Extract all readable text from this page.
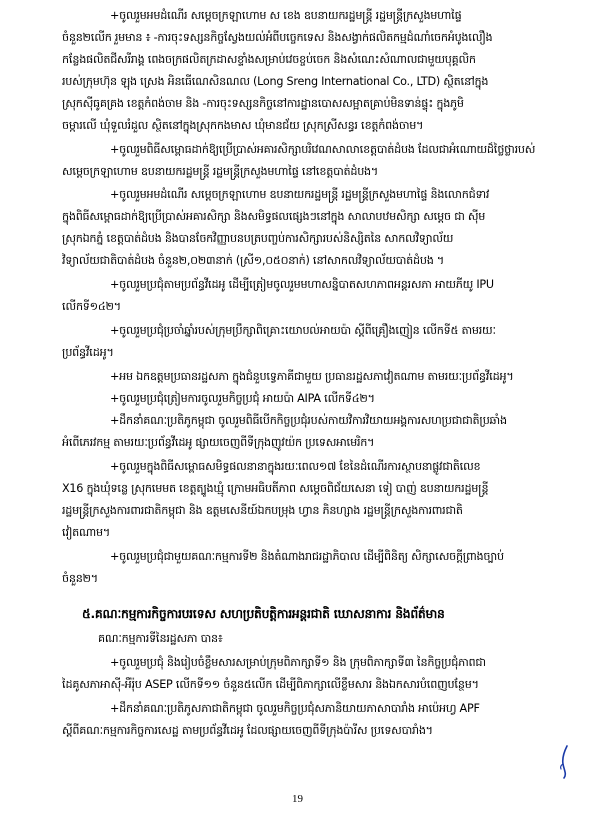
+ចូលរួមអមដំណើរ សម្តេចក្រឡាហោម ស ខេង ឧបនាយករដ្ឋមន្រ្តី រដ្ឋមន្រ្តីក្រសួងមហាផ្ទៃ
ចំនួន២លើក រួមមាន ៖ -ការចុះទស្សនកិច្ចស្វែងយល់អំពីបច្ចេកទេស និងសង្វាក់ផលិតកម្មដំណាំចេកអំបូងលឿង
កន្លែងផលិតជីសរីរាង្គ ពេងចក្រផលិតក្រដាសខ្ទាំងសម្រាប់វេចខ្ចប់ចេក និងសំណេះសំណាលជាមួយបុគ្គលិក
របស់ក្រុមហ៊ុន ឡុង ស្រេង អិនធើណេសិនណល (Long Sreng International Co., LTD) ស្ថិតនៅក្នុង
ស្រុកស៊ីធូគគ្រង ខេត្តកំពង់ចាម និង -ការចុះទស្សនកិច្ចនៅការដ្ឋានបោសសម្អាតគ្រាប់មិនទាន់ផ្ទុះ ក្នុងភូមិ
ចម្ការលើ ឃុំទួលរំដួល ស្ថិតនៅក្នុងស្រុកកងមាស ឃុំមានជ័យ ស្រុកស្រីសន្ធរ ខេត្តកំពង់ចាម។
+ចូលរួមពិធីសម្ពោធដាក់ឱ្យប្រើប្រាស់អគារសិក្សាបរិវេណសាលាខេត្តបាត់ដំបង ដែលជាអំណោយដ៏ថ្លៃថ្លារបស់
សម្តេចក្រឡាហោម ឧបនាយករដ្ឋមន្រ្តី រដ្ឋមន្រ្តីក្រសួងមហាផ្ទៃ នៅខេត្តបាត់ដំបង។
+ចូលរួមអមដំណើរ សម្តេចក្រឡាហោម ឧបនាយករដ្ឋមន្រ្តី រដ្ឋមន្រ្តីក្រសួងមហាផ្ទៃ និងលោកជំទាវ
ក្នុងពិធីសម្ពោធដាក់ឱ្យប្រើប្រាស់អគារសិក្សា និងសមិទ្ធផលផ្សេងៗនៅក្នុង សាលាបឋមសិក្សា សម្តេច ជា ស៊ីម
ស្រុកឯកភ្នំ ខេត្តបាត់ដំបង និងបានចែកវិញ្ញាបនបត្របញ្ចប់ការសិក្សារបស់និស្សិតនៃ សាកលវិទ្យាល័យ
វិទ្យាល័យជាតិបាត់ដំបង ចំនួន២,០២៣នាក់ (ស្រី១,០៥០នាក់) នៅសាកលវិទ្យាល័យបាត់ដំបង ។
+ចូលរួមប្រជុំតាមប្រព័ន្ធវីដេអូ ដើម្បីត្រៀមចូលរួមមហាសន្និបាតសហភាពអន្តរសភា អាយភីយូ IPU
លើកទី១៤២។
+ចូលរួមប្រជុំប្រចាំឆ្នាំរបស់ក្រុមប្រឹក្សាពិគ្រោះយោបល់អាយប៉ា ស្តីពីគ្រឿងញៀន លើកទី៥ តាមរយៈ
ប្រព័ន្ធវីដេអូ។
+អម ឯកឧត្តមប្រធានរដ្ឋសភា ក្នុងជំនួបទ្វេភាគីជាមួយ ប្រធានរដ្ឋសភាវៀតណាម តាមរយៈប្រព័ន្ធវីដេអូ។
+ចូលរួមប្រជុំត្រៀមការចូលរួមកិច្ចប្រជុំ អាយប៉ា AIPA លើកទី៤២។
+ដឹកនាំគណៈប្រតិភូកម្ពុជា ចូលរួមពិធីបើកកិច្ចប្រជុំរបស់កាយវិការវិយាយអង្គការសហប្រជាជាតិប្រឆាំង
អំពើភេរវកម្ម តាមរយៈប្រព័ន្ធវីដេអូ ផ្សាយចេញពីទីក្រុងញូវយ៉ក ប្រទេសអាមេរិក។
+ចូលរួមក្នុងពិធីសម្ពោធសមិទ្ធផលនានាក្នុងរយៈពេល១៧ ខែនៃដំណើរការស្ថាបនាផ្លូវជាតិលេខ
X16 ក្នុងឃុំទន្លេ ស្រុកមេមត ខេត្តត្បូងឃ្មុំ ក្រោមអធិបតីភាព សម្តេចពិជ័យសេនា ទៀ បាញ់ ឧបនាយករដ្ឋមន្រ្តី
រដ្ឋមន្រ្តីក្រសួងការពារជាតិកម្ពុជា និង ឧត្តមសេនីយ៍ឯកបម្រុង ហ្វាន ភិនហ្សាង រដ្ឋមន្រ្តីក្រសួងការពារជាតិ
វៀតណាម។
+ចូលរួមប្រជុំជាមួយគណៈកម្មការទី២ និងតំណាងរាជរដ្ឋាភិបាល ដើម្បីពិនិត្យ សិក្សាសេចក្តីព្រាងច្បាប់
ចំនួន២។
៥.គណៈកម្មការកិច្ចការបរទេស សហប្រតិបត្តិការអន្តរជាតិ ឃោសនាការ និងព័ត៌មាន
គណៈកម្មការទីនៃរដ្ឋសភា បាន៖
+ចូលរួមប្រជុំ និងរៀបចំខ្លឹមសារសម្រាប់ក្រុមពិភាក្សាទី១ និង ក្រុមពិភាក្សាទី៣ នៃកិច្ចប្រជុំភាពជា
ដៃគូសភាអាស៊ី-អឺរ៉ុប ASEP លើកទី១១ ចំនួន៥លើក ដើម្បីពិភាក្សាលើខ្លឹមសារ និងឯកសារបំពេញបន្ថែម។
+ដឹកនាំគណៈប្រតិភូសភាជាតិកម្ពុជា ចូលរួមកិច្ចប្រជុំសភានិយាយភាសាបារាំង អាប៉េអហ្វ APF
ស្តីពីគណៈកម្មការកិច្ចការសេដ្ឋ តាមប្រព័ន្ធវីដេអូ ដែលផ្សាយចេញពីទីក្រុងប៉ារីស ប្រទេសបារាំង។
19
